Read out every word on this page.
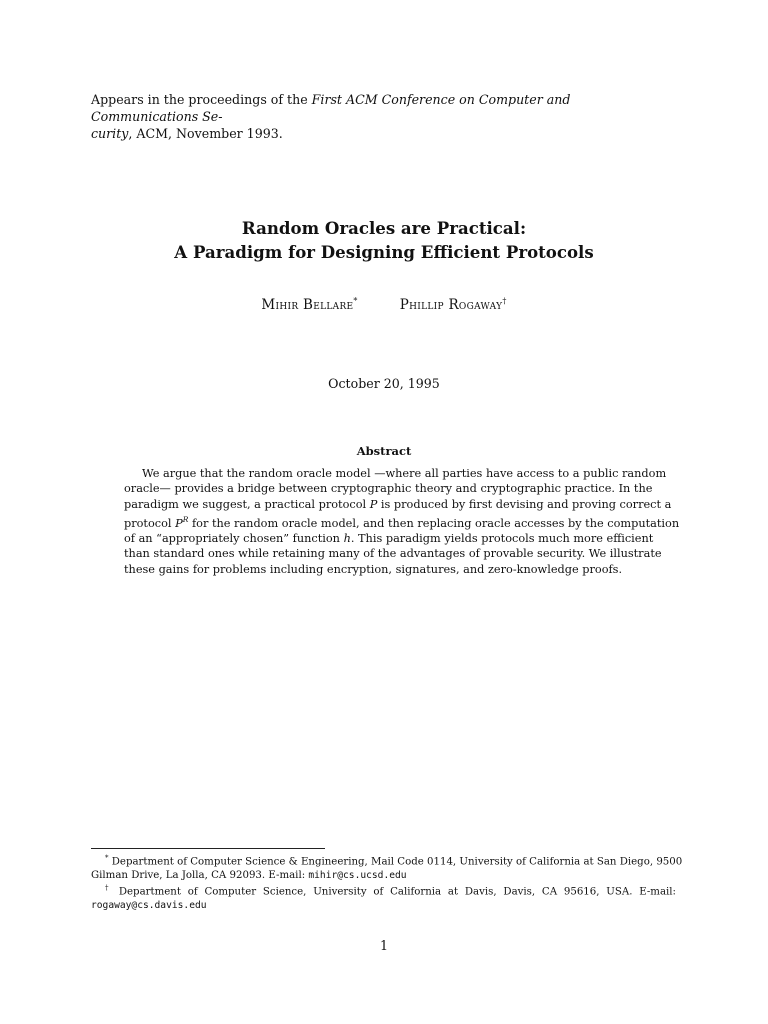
Appears in the proceedings of the First ACM Conference on Computer and Communications Se-
curity, ACM, November 1993.
Random Oracles are Practical:
A Paradigm for Designing Efficient Protocols
Mihir Bellare*	Phillip Rogaway†
October 20, 1995
Abstract
We argue that the random oracle model —where all parties have access to a public random
oracle— provides a bridge between cryptographic theory and cryptographic practice. In the
paradigm we suggest, a practical protocol P is produced by first devising and proving correct a
protocol $P^R$ for the random oracle model, and then replacing oracle accesses by the computation
of an “appropriately chosen” function h. This paradigm yields protocols much more efficient
than standard ones while retaining many of the advantages of provable security. We illustrate
these gains for problems including encryption, signatures, and zero-knowledge proofs.
* Department of Computer Science & Engineering, Mail Code 0114, University of California at San Diego, 9500
Gilman Drive, La Jolla, CA 92093. E-mail: mihir@cs.ucsd.edu
† Department of Computer Science, University of California at Davis, Davis, CA 95616, USA. E-mail:
rogaway@cs.davis.edu
1
